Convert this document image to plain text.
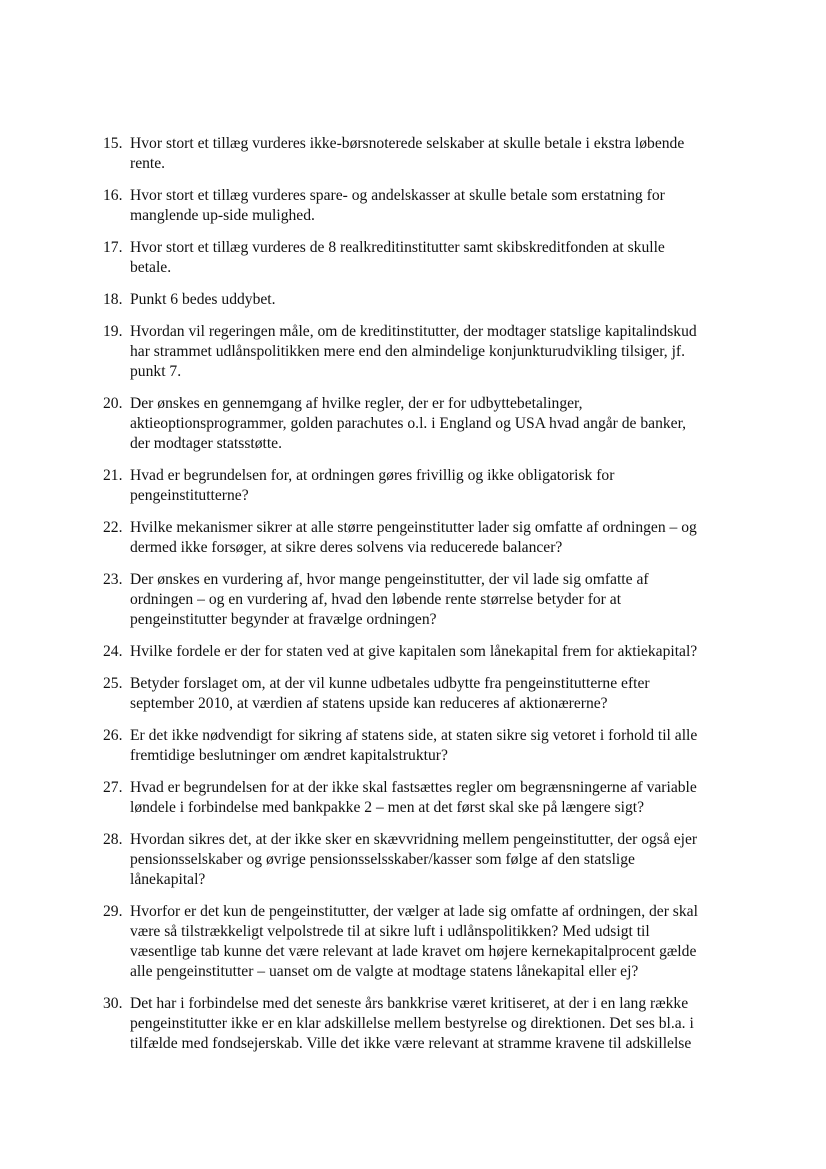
15. Hvor stort et tillæg vurderes ikke-børsnoterede selskaber at skulle betale i ekstra løbende
rente.
16. Hvor stort et tillæg vurderes spare- og andelskasser at skulle betale som erstatning for
manglende up-side mulighed.
17. Hvor stort et tillæg vurderes de 8 realkreditinstitutter samt skibskreditfonden at skulle
betale.
18. Punkt 6 bedes uddybet.
19. Hvordan vil regeringen måle, om de kreditinstitutter, der modtager statslige kapitalindskud
har strammet udlånspolitikken mere end den almindelige konjunkturudvikling tilsiger, jf.
punkt 7.
20. Der ønskes en gennemgang af hvilke regler, der er for udbyttebetalinger,
aktieoptionsprogrammer, golden parachutes o.l. i England og USA hvad angår de banker,
der modtager statsstøtte.
21. Hvad er begrundelsen for, at ordningen gøres frivillig og ikke obligatorisk for
pengeinstitutterne?
22. Hvilke mekanismer sikrer at alle større pengeinstitutter lader sig omfatte af ordningen – og
dermed ikke forsøger, at sikre deres solvens via reducerede balancer?
23. Der ønskes en vurdering af, hvor mange pengeinstitutter, der vil lade sig omfatte af
ordningen – og en vurdering af, hvad den løbende rente størrelse betyder for at
pengeinstitutter begynder at fravælge ordningen?
24. Hvilke fordele er der for staten ved at give kapitalen som lånekapital frem for aktiekapital?
25. Betyder forslaget om, at der vil kunne udbetales udbytte fra pengeinstitutterne efter
september 2010, at værdien af statens upside kan reduceres af aktionærerne?
26. Er det ikke nødvendigt for sikring af statens side, at staten sikre sig vetoret i forhold til alle
fremtidige beslutninger om ændret kapitalstruktur?
27. Hvad er begrundelsen for at der ikke skal fastsættes regler om begrænsningerne af variable
løndele i forbindelse med bankpakke 2 – men at det først skal ske på længere sigt?
28. Hvordan sikres det, at der ikke sker en skævvridning mellem pengeinstitutter, der også ejer
pensionsselskaber og øvrige pensionsselsskaber/kasser som følge af den statslige
lånekapital?
29. Hvorfor er det kun de pengeinstitutter, der vælger at lade sig omfatte af ordningen, der skal
være så tilstrækkeligt velpolstrede til at sikre luft i udlånspolitikken? Med udsigt til
væsentlige tab kunne det være relevant at lade kravet om højere kernekapitalprocent gælde
alle pengeinstitutter – uanset om de valgte at modtage statens lånekapital eller ej?
30. Det har i forbindelse med det seneste års bankkrise været kritiseret, at der i en lang række
pengeinstitutter ikke er en klar adskillelse mellem bestyrelse og direktionen. Det ses bl.a. i
tilfælde med fondsejerskab. Ville det ikke være relevant at stramme kravene til adskillelse
